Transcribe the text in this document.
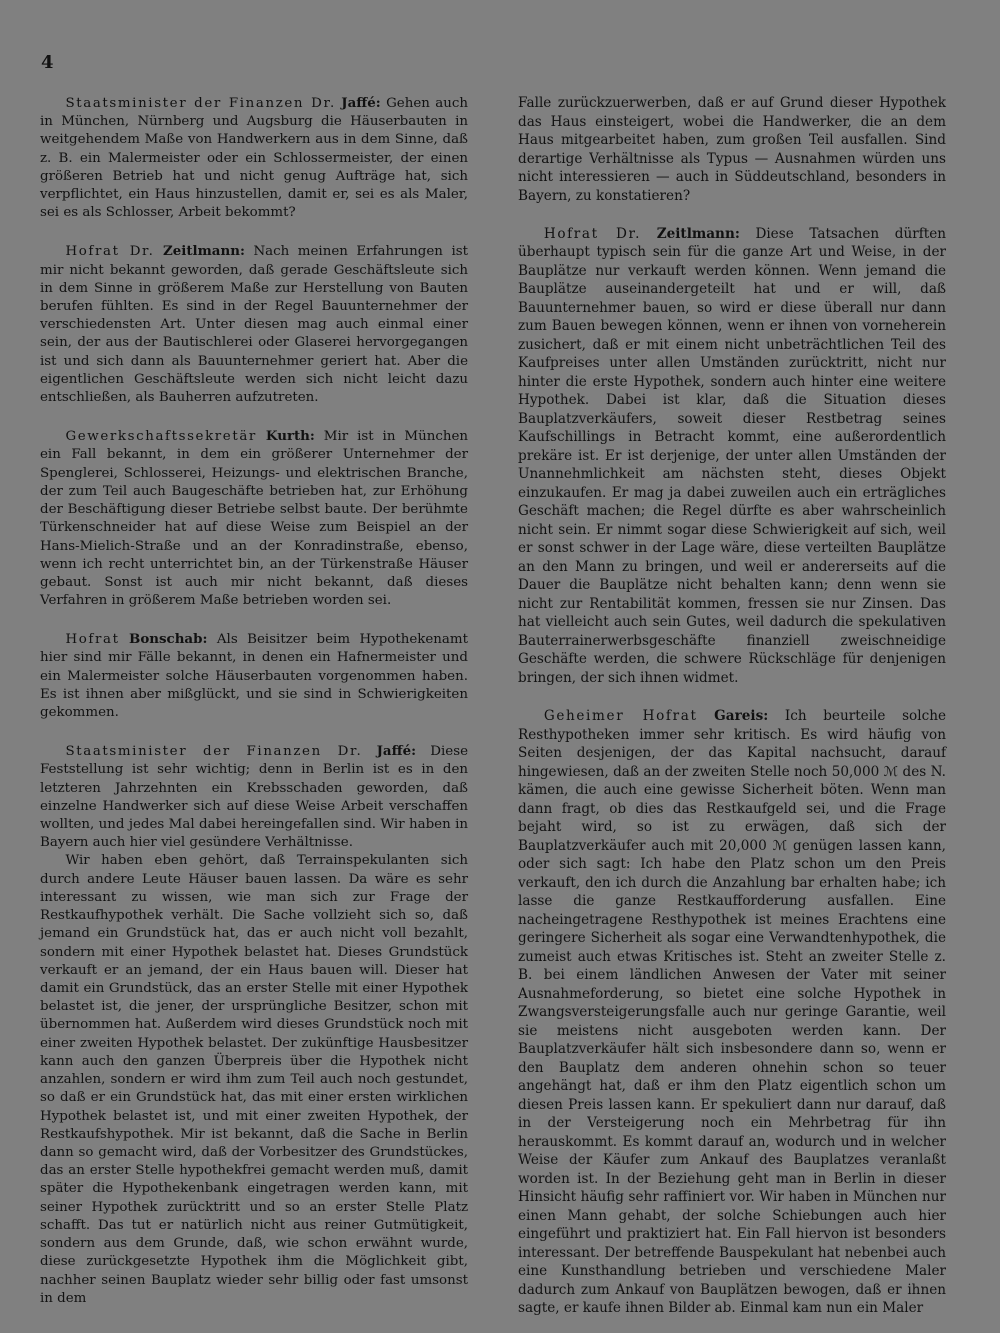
4

Staatsminister der Finanzen Dr. Jaffé: Gehen auch in München, Nürnberg und Augsburg die Häuserbauten in weitgehendem Maße von Handwerkern aus in dem Sinne, daß z. B. ein Malermeister oder ein Schlossermeister, der einen größeren Betrieb hat und nicht genug Aufträge hat, sich verpflichtet, ein Haus hinzustellen, damit er, sei es als Maler, sei es als Schlosser, Arbeit bekommt?

Hofrat Dr. Zeitlmann: Nach meinen Erfahrungen ist mir nicht bekannt geworden, daß gerade Geschäftsleute sich in dem Sinne in größerem Maße zur Herstellung von Bauten berufen fühlten. Es sind in der Regel Bauunternehmer der verschiedensten Art. Unter diesen mag auch einmal einer sein, der aus der Bautischlerei oder Glaserei hervorgegangen ist und sich dann als Bauunternehmer geriert hat. Aber die eigentlichen Geschäftsleute werden sich nicht leicht dazu entschließen, als Bauherren aufzutreten.

Gewerkschaftssekretär Kurth: Mir ist in München ein Fall bekannt, in dem ein größerer Unternehmer der Spenglerei, Schlosserei, Heizungs- und elektrischen Branche, der zum Teil auch Baugeschäfte betrieben hat, zur Erhöhung der Beschäftigung dieser Betriebe selbst baute. Der berühmte Türkenschneider hat auf diese Weise zum Beispiel an der Hans-Mielich-Straße und an der Konradinstraße, ebenso, wenn ich recht unterrichtet bin, an der Türkenstraße Häuser gebaut. Sonst ist auch mir nicht bekannt, daß dieses Verfahren in größerem Maße betrieben worden sei.

Hofrat Bonschab: Als Beisitzer beim Hypothekenamt hier sind mir Fälle bekannt, in denen ein Hafnermeister und ein Malermeister solche Häuserbauten vorgenommen haben. Es ist ihnen aber mißglückt, und sie sind in Schwierigkeiten gekommen.

Staatsminister der Finanzen Dr. Jaffé: Diese Feststellung ist sehr wichtig; denn in Berlin ist es in den letzteren Jahrzehnten ein Krebsschaden geworden, daß einzelne Handwerker sich auf diese Weise Arbeit verschaffen wollten, und jedes Mal dabei hereingefallen sind. Wir haben in Bayern auch hier viel gesündere Verhältnisse.

Wir haben eben gehört, daß Terrainspekulanten sich durch andere Leute Häuser bauen lassen. Da wäre es sehr interessant zu wissen, wie man sich zur Frage der Restkaufhypothek verhält. Die Sache vollzieht sich so, daß jemand ein Grundstück hat, das er auch nicht voll bezahlt, sondern mit einer Hypothek belastet hat. Dieses Grundstück verkauft er an jemand, der ein Haus bauen will. Dieser hat damit ein Grundstück, das an erster Stelle mit einer Hypothek belastet ist, die jener, der ursprüngliche Besitzer, schon mit übernommen hat. Außerdem wird dieses Grundstück noch mit einer zweiten Hypothek belastet. Der zukünftige Hausbesitzer kann auch den ganzen Überpreis über die Hypothek nicht anzahlen, sondern er wird ihm zum Teil auch noch gestundet, so daß er ein Grundstück hat, das mit einer ersten wirklichen Hypothek belastet ist, und mit einer zweiten Hypothek, der Restkaufshypothek. Mir ist bekannt, daß die Sache in Berlin dann so gemacht wird, daß der Vorbesitzer des Grundstückes, das an erster Stelle hypothekfrei gemacht werden muß, damit später die Hypothekenbank eingetragen werden kann, mit seiner Hypothek zurücktritt und so an erster Stelle Platz schafft. Das tut er natürlich nicht aus reiner Gutmütigkeit, sondern aus dem Grunde, daß, wie schon erwähnt wurde, diese zurückgesetzte Hypothek ihm die Möglichkeit gibt, nachher seinen Bauplatz wieder sehr billig oder fast umsonst in dem

Falle zurückzuerwerben, daß er auf Grund dieser Hypothek das Haus einsteigert, wobei die Handwerker, die an dem Haus mitgearbeitet haben, zum großen Teil ausfallen. Sind derartige Verhältnisse als Typus — Ausnahmen würden uns nicht interessieren — auch in Süddeutschland, besonders in Bayern, zu konstatieren?

Hofrat Dr. Zeitlmann: Diese Tatsachen dürften überhaupt typisch sein für die ganze Art und Weise, in der Bauplätze nur verkauft werden können. Wenn jemand die Bauplätze auseinandergeteilt hat und er will, daß Bauunternehmer bauen, so wird er diese überall nur dann zum Bauen bewegen können, wenn er ihnen von vorneherein zusichert, daß er mit einem nicht unbeträchtlichen Teil des Kaufpreises unter allen Umständen zurücktritt, nicht nur hinter die erste Hypothek, sondern auch hinter eine weitere Hypothek. Dabei ist klar, daß die Situation dieses Bauplatzverkäufers, soweit dieser Restbetrag seines Kaufschillings in Betracht kommt, eine außerordentlich prekäre ist. Er ist derjenige, der unter allen Umständen der Unannehmlichkeit am nächsten steht, dieses Objekt einzukaufen. Er mag ja dabei zuweilen auch ein erträgliches Geschäft machen; die Regel dürfte es aber wahrscheinlich nicht sein. Er nimmt sogar diese Schwierigkeit auf sich, weil er sonst schwer in der Lage wäre, diese verteilten Bauplätze an den Mann zu bringen, und weil er andererseits auf die Dauer die Bauplätze nicht behalten kann; denn wenn sie nicht zur Rentabilität kommen, fressen sie nur Zinsen. Das hat vielleicht auch sein Gutes, weil dadurch die spekulativen Bauterrainerwerbsgeschäfte finanziell zweischneidige Geschäfte werden, die schwere Rückschläge für denjenigen bringen, der sich ihnen widmet.

Geheimer Hofrat Gareis: Ich beurteile solche Resthypotheken immer sehr kritisch. Es wird häufig von Seiten desjenigen, der das Kapital nachsucht, darauf hingewiesen, daß an der zweiten Stelle noch 50,000 ℳ des N. kämen, die auch eine gewisse Sicherheit böten. Wenn man dann fragt, ob dies das Restkaufgeld sei, und die Frage bejaht wird, so ist zu erwägen, daß sich der Bauplatzverkäufer auch mit 20,000 ℳ genügen lassen kann, oder sich sagt: Ich habe den Platz schon um den Preis verkauft, den ich durch die Anzahlung bar erhalten habe; ich lasse die ganze Restkaufforderung ausfallen. Eine nacheingetragene Resthypothek ist meines Erachtens eine geringere Sicherheit als sogar eine Verwandtenhypothek, die zumeist auch etwas Kritisches ist. Steht an zweiter Stelle z. B. bei einem ländlichen Anwesen der Vater mit seiner Ausnahmeforderung, so bietet eine solche Hypothek in Zwangsversteigerungsfalle auch nur geringe Garantie, weil sie meistens nicht ausgeboten werden kann. Der Bauplatzverkäufer hält sich insbesondere dann so, wenn er den Bauplatz dem anderen ohnehin schon so teuer angehängt hat, daß er ihm den Platz eigentlich schon um diesen Preis lassen kann. Er spekuliert dann nur darauf, daß in der Versteigerung noch ein Mehrbetrag für ihn herauskommt. Es kommt darauf an, wodurch und in welcher Weise der Käufer zum Ankauf des Bauplatzes veranlaßt worden ist. In der Beziehung geht man in Berlin in dieser Hinsicht häufig sehr raffiniert vor. Wir haben in München nur einen Mann gehabt, der solche Schiebungen auch hier eingeführt und praktiziert hat. Ein Fall hiervon ist besonders interessant. Der betreffende Bauspekulant hat nebenbei auch eine Kunsthandlung betrieben und verschiedene Maler dadurch zum Ankauf von Bauplätzen bewogen, daß er ihnen sagte, er kaufe ihnen Bilder ab. Einmal kam nun ein Maler
